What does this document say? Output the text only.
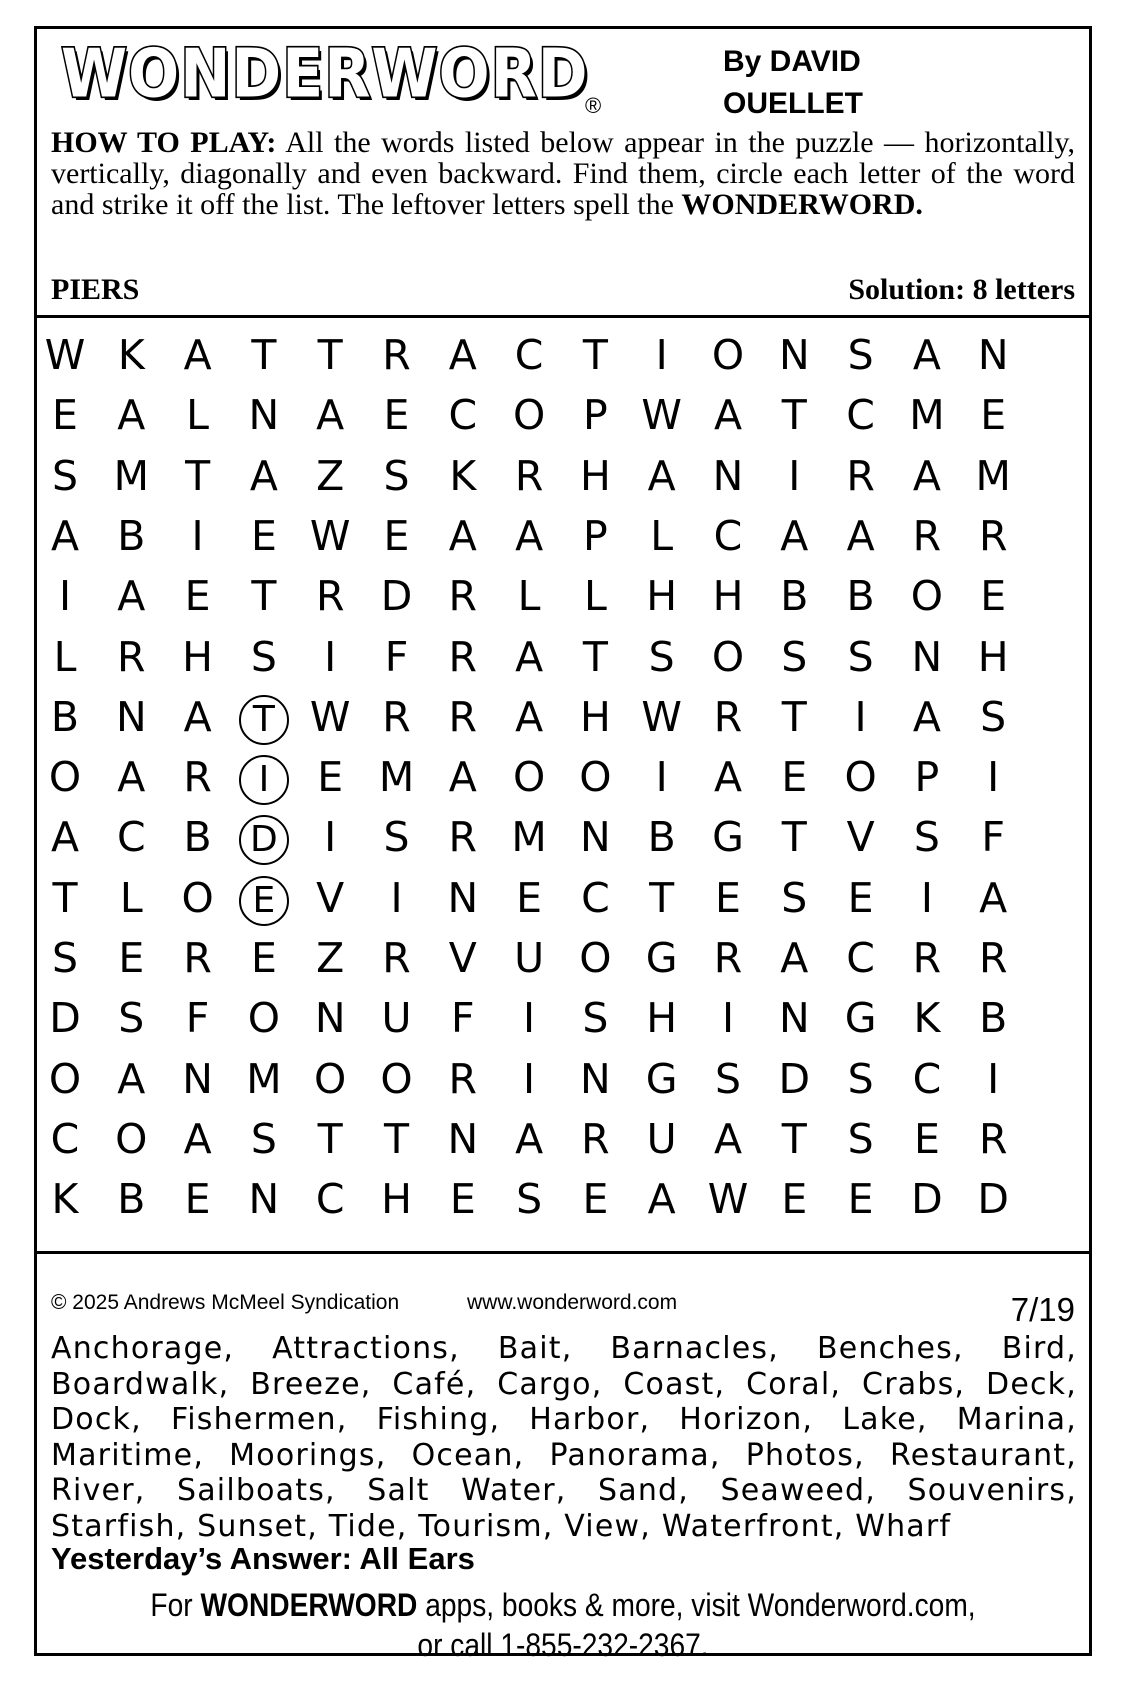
WONDERWORD
®
By DAVID
OUELLET
HOW TO PLAY: All the words listed below appear in the puzzle — horizontally, vertically, diagonally and even backward. Find them, circle each letter of the word and strike it off the list. The leftover letters spell the WONDERWORD.
PIERS	Solution: 8 letters
W K A T	T R A C T	I	O N S A N
E A L N A E C O P W A T C M E
S M T A Z S K R H A N	I	R A M
A B	I	E W E A A P	L C A A R R
I	A E T R D R L	L H H B B O E
L R H S	I	F R A T S O S S N H
B N A	T W R R A H W R T	I	A S
O A R	I	E M A O O	I	A E O P	I
A C B	D	I	S R M N B G T V S	F
T	L O	E V	I	N E C T E S E	I	A
S E R E Z R V U O G R A C R R
D S	F O N U F	I	S H	I	N G K B
O A N M O O R	I	N G S D S C	I
C O A S T	T N A R U A T S E R
K B E N C H E S E A W E E D D
© 2025 Andrews McMeel Syndication	www.wonderword.com	7/19
Anchorage, Attractions, Bait, Barnacles, Benches, Bird, Boardwalk, Breeze, Café, Cargo, Coast, Coral, Crabs, Deck, Dock, Fishermen, Fishing, Harbor, Horizon, Lake, Marina, Maritime, Moorings, Ocean, Panorama, Photos, Restaurant, River, Sailboats, Salt Water, Sand, Seaweed, Souvenirs, Starfish, Sunset, Tide, Tourism, View, Waterfront, Wharf
Yesterday’s Answer: All Ears
For WONDERWORD apps, books & more, visit Wonderword.com,
or call 1-855-232-2367.
